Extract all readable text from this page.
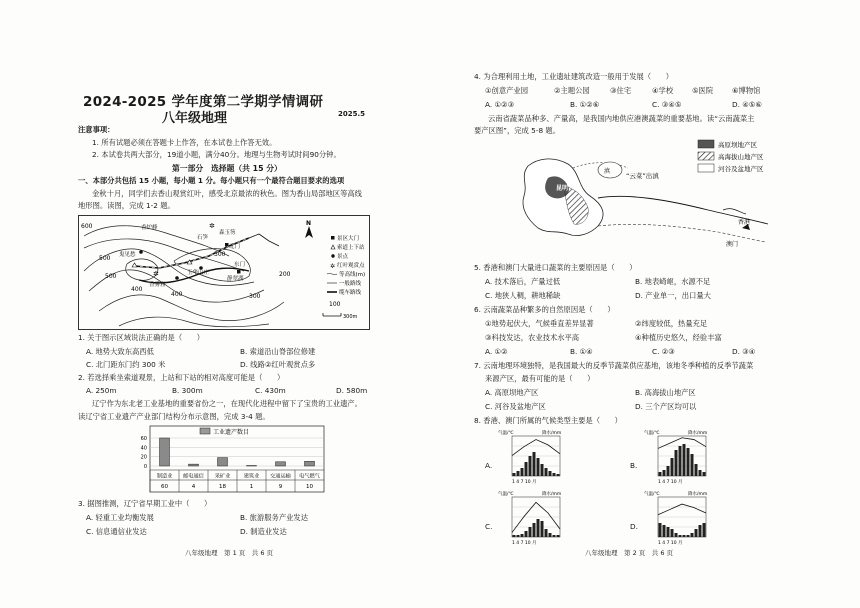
2024-2025 学年度第二学期学情调研
八年级地理	2025.5
注意事项：
1. 所有试题必须在答题卡上作答，在本试卷上作答无效。
2. 本试卷共两大部分，19道小题，满分40分。地理与生物考试时间90分钟。
第一部分　选择题（共 15 分）
一、本部分共包括 15 小题，每小题 1 分。每小题只有一个最符合题目要求的选项
金秋十月，同学们去香山观赏红叶，感受北京最浓的秋色。图为香山局部地区等高线
地形图。读图，完成 1-2 题。
600
500
500
400
400
200
300
100
300
香炉峰
鬼见愁
香雾窟
玉华山庄
静翠湖
东门
石笋
森玉笏
北门
✲
✲	N
景区大门
索道上下站
景点
✲ 红叶观赏点
等高线(m)
一般路线
缆车路线
300m
1. 关于图示区域说法正确的是（　　）
A. 地势大致东高西低	B. 索道沿山脊部位修建
C. 北门距东门约 300 米	D. 线路②红叶观赏点多
2. 若选择乘坐索道观景，上站和下站的相对高度可能是（　　）
A. 250m	B. 300m	C. 430m	D. 580m
辽宁作为东北老工业基地的重要省份之一，在现代化进程中留下了宝贵的工业遗产。
读辽宁省工业遗产产业部门结构分布示意图，完成 3-4 题。
工业遗产数目
0
20
40
60
制造业
60
邮电通信
4
采矿业
18
建筑业
1
交通运输
9
电气燃气
10
3. 据图推测，辽宁省早期工业中（　　）
A. 轻重工业均衡发展	B. 旅游服务产业发达
C. 信息通信业发达	D. 制造业发达
八年级地理　第 1 页　共 6 页
4. 为合理利用土地，工业遗址建筑改造一般用于发展（　　）
①创意产业园	②主题公园	③住宅	④学校	⑤医院	⑥博物馆
A. ①②③	B. ①②⑥	C. ③④⑤	D. ④⑤⑥
云南省蔬菜品种多、产量高，是我国内地供应港澳蔬菜的重要基地。读“云南蔬菜主
要产区图”，完成 5-8 题。
滇
昆明
“云菜”出滇
香港
澳门
高原坝地产区
高海拔山地产区
河谷及盆地产区
5. 香港和澳门大量进口蔬菜的主要原因是（　　）
A. 技术落后，产量过低	B. 地表崎岖，水源不足
C. 地狭人稠，耕地稀缺	D. 产业单一，出口量大
6. 云南蔬菜品种繁多的自然原因是（　　）
①地势起伏大，气候垂直差异显著	②纬度较低，热量充足
③科技发达，农业技术水平高	④种植历史悠久，经验丰富
A. ①②	B. ①④	C. ②③	D. ③④
7. 云南地理环境独特，是我国最大的反季节蔬菜供应基地，该地冬季种植的反季节蔬菜
来源产区，最有可能的是（　　）
A. 高原坝地产区	B. 高海拔山地产区
C. 河谷及盆地产区	D. 三个产区均可以
8. 香港、澳门所属的气候类型主要是（　　）
A.	B.
C.	D.
气温/℃	降水/mm
1 4 7 10 月
气温/℃	降水/mm
1 4 7 10 月
气温/℃	降水/mm
1 4 7 10 月
气温/℃	降水/mm
1 4 7 10 月
八年级地理　第 2 页　共 6 页
